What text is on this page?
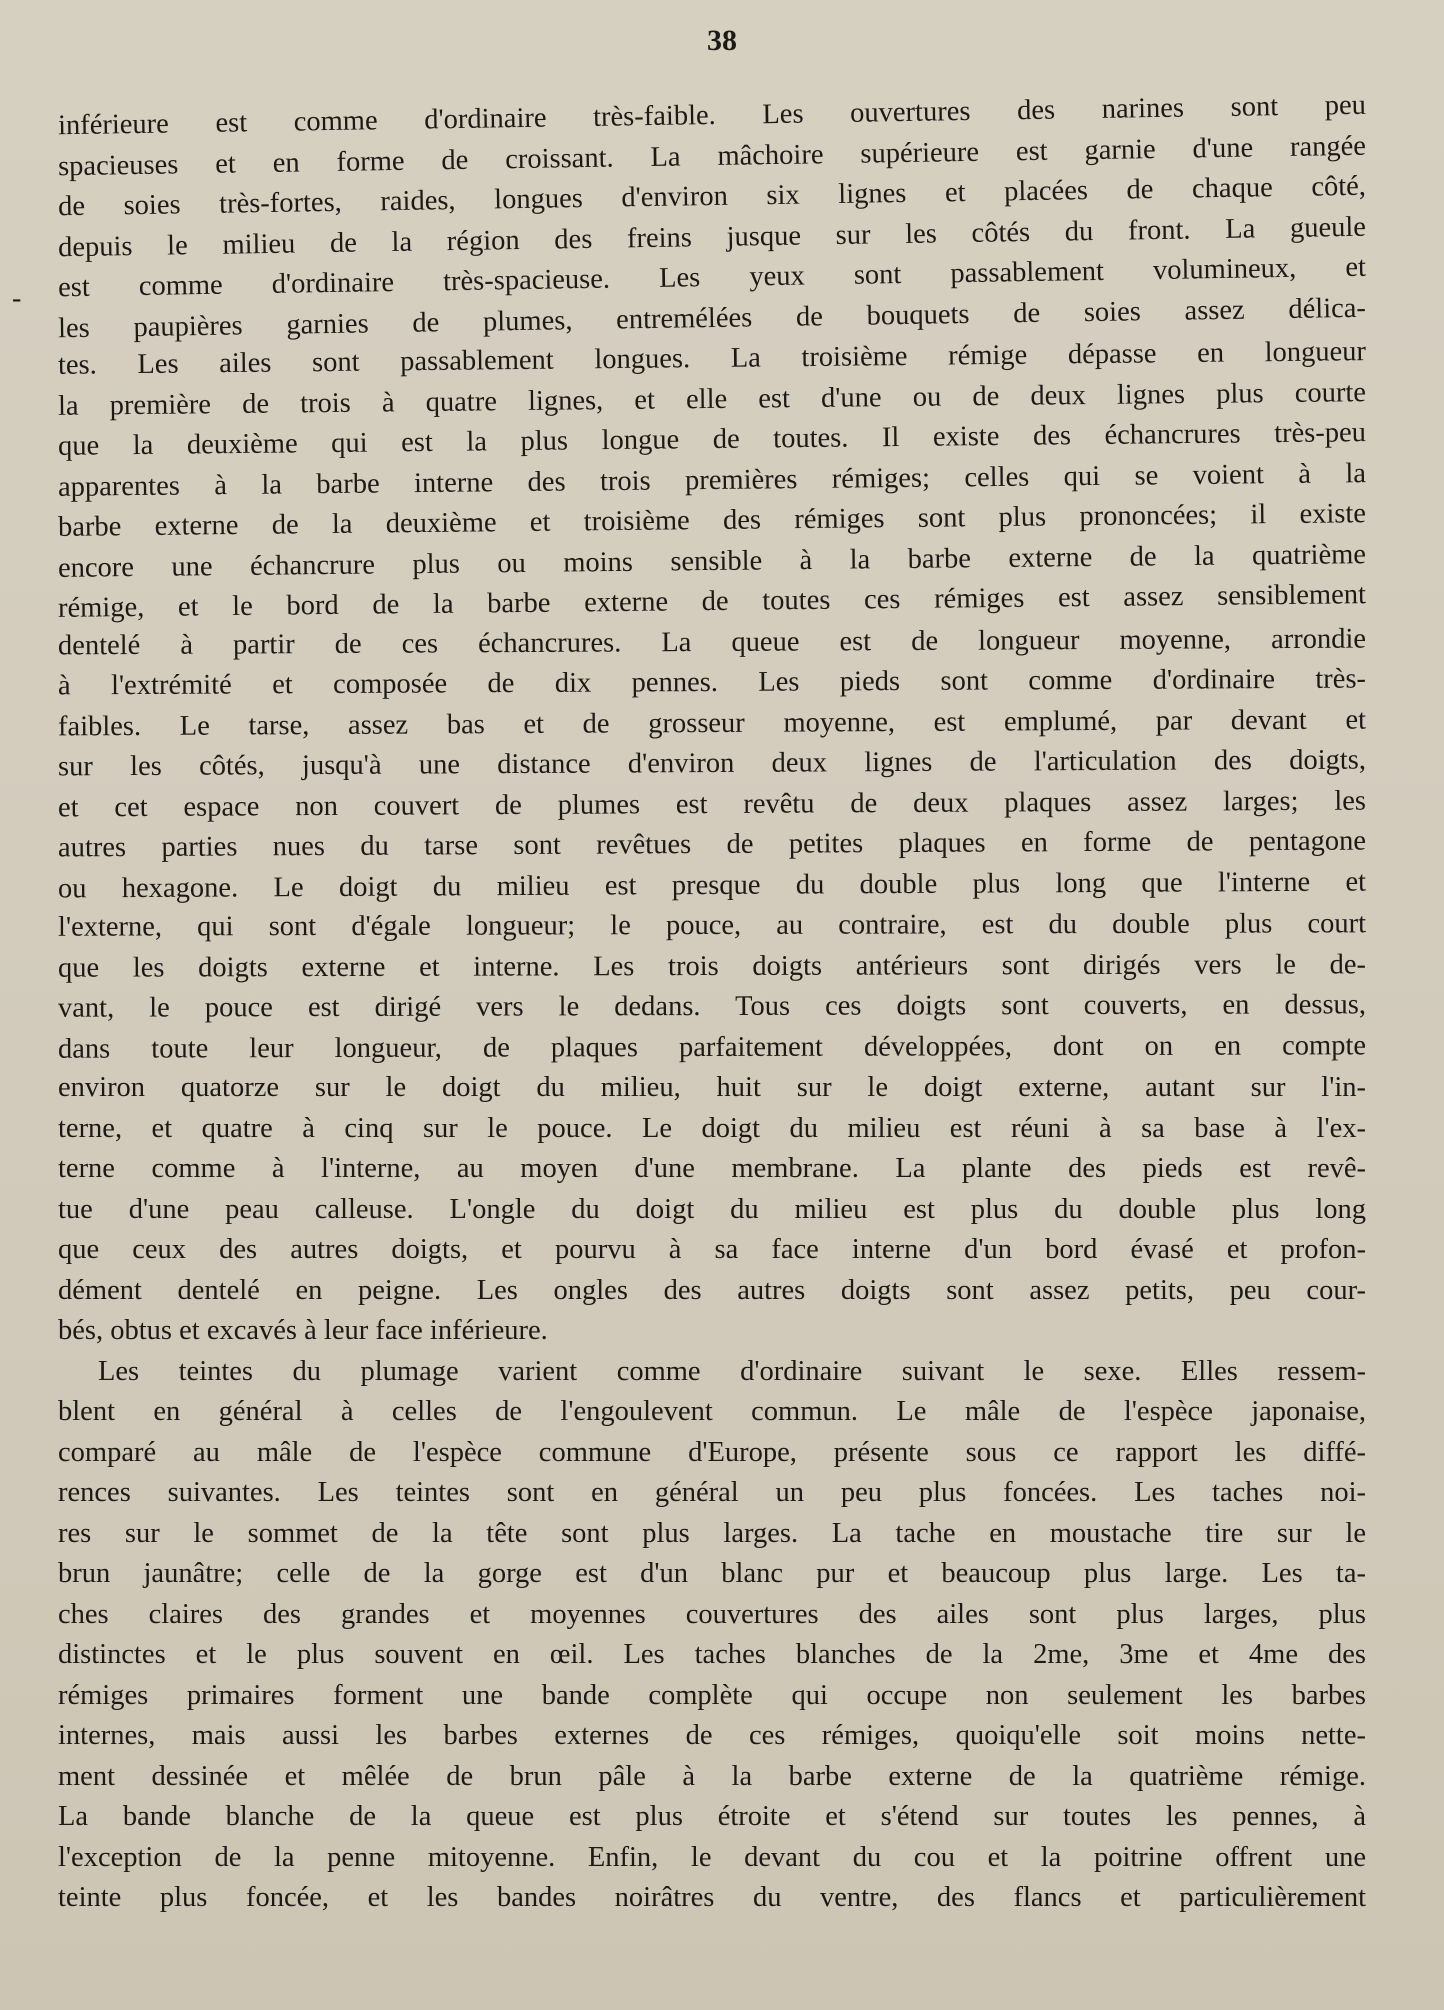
38
-
inférieure est comme d'ordinaire très-faible. Les ouvertures des narines sont peu
spacieuses et en forme de croissant. La mâchoire supérieure est garnie d'une rangée
de soies très-fortes, raides, longues d'environ six lignes et placées de chaque côté,
depuis le milieu de la région des freins jusque sur les côtés du front. La gueule
est comme d'ordinaire très-spacieuse. Les yeux sont passablement volumineux, et
les paupières garnies de plumes, entremélées de bouquets de soies assez délica-
tes. Les ailes sont passablement longues. La troisième rémige dépasse en longueur
la première de trois à quatre lignes, et elle est d'une ou de deux lignes plus courte
que la deuxième qui est la plus longue de toutes. Il existe des échancrures très-peu
apparentes à la barbe interne des trois premières rémiges; celles qui se voient à la
barbe externe de la deuxième et troisième des rémiges sont plus prononcées; il existe
encore une échancrure plus ou moins sensible à la barbe externe de la quatrième
rémige, et le bord de la barbe externe de toutes ces rémiges est assez sensiblement
dentelé à partir de ces échancrures. La queue est de longueur moyenne, arrondie
à l'extrémité et composée de dix pennes. Les pieds sont comme d'ordinaire très-
faibles. Le tarse, assez bas et de grosseur moyenne, est emplumé, par devant et
sur les côtés, jusqu'à une distance d'environ deux lignes de l'articulation des doigts,
et cet espace non couvert de plumes est revêtu de deux plaques assez larges; les
autres parties nues du tarse sont revêtues de petites plaques en forme de pentagone
ou hexagone. Le doigt du milieu est presque du double plus long que l'interne et
l'externe, qui sont d'égale longueur; le pouce, au contraire, est du double plus court
que les doigts externe et interne. Les trois doigts antérieurs sont dirigés vers le de-
vant, le pouce est dirigé vers le dedans. Tous ces doigts sont couverts, en dessus,
dans toute leur longueur, de plaques parfaitement développées, dont on en compte
environ quatorze sur le doigt du milieu, huit sur le doigt externe, autant sur l'in-
terne, et quatre à cinq sur le pouce. Le doigt du milieu est réuni à sa base à l'ex-
terne comme à l'interne, au moyen d'une membrane. La plante des pieds est revê-
tue d'une peau calleuse. L'ongle du doigt du milieu est plus du double plus long
que ceux des autres doigts, et pourvu à sa face interne d'un bord évasé et profon-
dément dentelé en peigne. Les ongles des autres doigts sont assez petits, peu cour-
bés, obtus et excavés à leur face inférieure.
Les teintes du plumage varient comme d'ordinaire suivant le sexe. Elles ressem-
blent en général à celles de l'engoulevent commun. Le mâle de l'espèce japonaise,
comparé au mâle de l'espèce commune d'Europe, présente sous ce rapport les diffé-
rences suivantes. Les teintes sont en général un peu plus foncées. Les taches noi-
res sur le sommet de la tête sont plus larges. La tache en moustache tire sur le
brun jaunâtre; celle de la gorge est d'un blanc pur et beaucoup plus large. Les ta-
ches claires des grandes et moyennes couvertures des ailes sont plus larges, plus
distinctes et le plus souvent en œil. Les taches blanches de la 2me, 3me et 4me des
rémiges primaires forment une bande complète qui occupe non seulement les barbes
internes, mais aussi les barbes externes de ces rémiges, quoiqu'elle soit moins nette-
ment dessinée et mêlée de brun pâle à la barbe externe de la quatrième rémige.
La bande blanche de la queue est plus étroite et s'étend sur toutes les pennes, à
l'exception de la penne mitoyenne. Enfin, le devant du cou et la poitrine offrent une
teinte plus foncée, et les bandes noirâtres du ventre, des flancs et particulièrement
